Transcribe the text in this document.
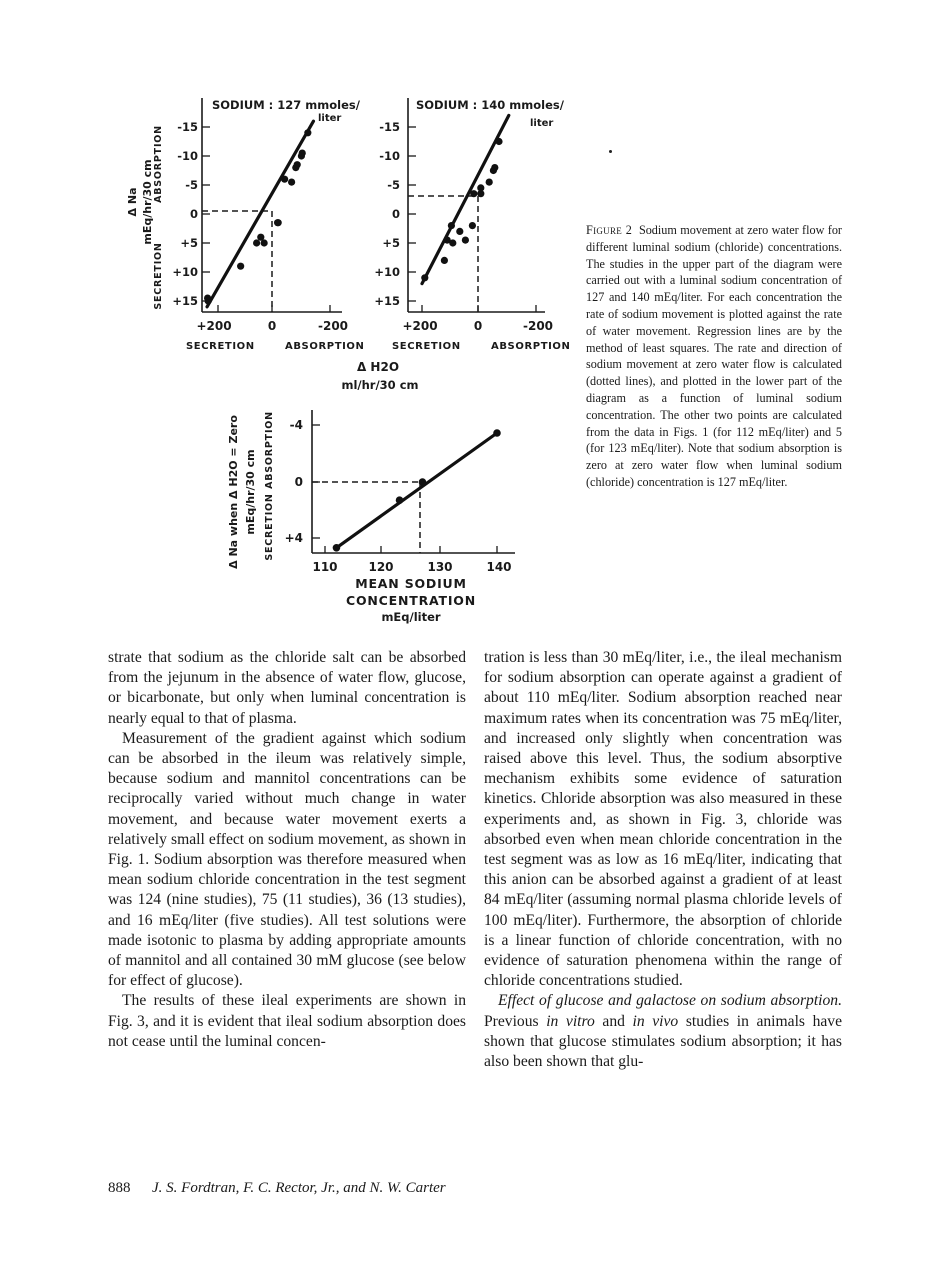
SODIUM : 127 mmoles/
liter
SODIUM : 140 mmoles/
liter
-15
-10
-5
0
+5
+10
+15
-15
-10
-5
0
+5
+10
+15
+200	0	-200	+200	0	-200
SECRETION	ABSORPTION	SECRETION	ABSORPTION
Δ H2O
ml/hr/30 cm
Δ Na mEq/hr/30 cm ABSORPTION
SECRETION
-4
0
+4
110	120	130	140
MEAN SODIUM
CONCENTRATION
mEq/liter
Δ Na when Δ H2O = Zero mEq/hr/30 cm ABSORPTION
SECRETION
Figure 2 Sodium movement at zero water flow for different luminal sodium (chloride) concentrations. The studies in the upper part of the diagram were carried out with a luminal sodium concentration of 127 and 140 mEq/liter. For each concentration the rate of sodium movement is plotted against the rate of water movement. Regression lines are by the method of least squares. The rate and direction of sodium movement at zero water flow is calculated (dotted lines), and plotted in the lower part of the diagram as a function of luminal sodium concentration. The other two points are calculated from the data in Figs. 1 (for 112 mEq/liter) and 5 (for 123 mEq/liter). Note that sodium absorption is zero at zero water flow when luminal sodium (chloride) concentration is 127 mEq/liter.

strate that sodium as the chloride salt can be absorbed from the jejunum in the absence of water flow, glucose, or bicarbonate, but only when luminal concentration is nearly equal to that of plasma.

Measurement of the gradient against which sodium can be absorbed in the ileum was relatively simple, because sodium and mannitol concentrations can be reciprocally varied without much change in water movement, and because water movement exerts a relatively small effect on sodium movement, as shown in Fig. 1. Sodium absorption was therefore measured when mean sodium chloride concentration in the test segment was 124 (nine studies), 75 (11 studies), 36 (13 studies), and 16 mEq/liter (five studies). All test solutions were made isotonic to plasma by adding appropriate amounts of mannitol and all contained 30 mM glucose (see below for effect of glucose).

The results of these ileal experiments are shown in Fig. 3, and it is evident that ileal sodium absorption does not cease until the luminal concen-

tration is less than 30 mEq/liter, i.e., the ileal mechanism for sodium absorption can operate against a gradient of about 110 mEq/liter. Sodium absorption reached near maximum rates when its concentration was 75 mEq/liter, and increased only slightly when concentration was raised above this level. Thus, the sodium absorptive mechanism exhibits some evidence of saturation kinetics. Chloride absorption was also measured in these experiments and, as shown in Fig. 3, chloride was absorbed even when mean chloride concentration in the test segment was as low as 16 mEq/liter, indicating that this anion can be absorbed against a gradient of at least 84 mEq/liter (assuming normal plasma chloride levels of 100 mEq/liter). Furthermore, the absorption of chloride is a linear function of chloride concentration, with no evidence of saturation phenomena within the range of chloride concentrations studied.

Effect of glucose and galactose on sodium absorption. Previous in vitro and in vivo studies in animals have shown that glucose stimulates sodium absorption; it has also been shown that glu-

888 J. S. Fordtran, F. C. Rector, Jr., and N. W. Carter
